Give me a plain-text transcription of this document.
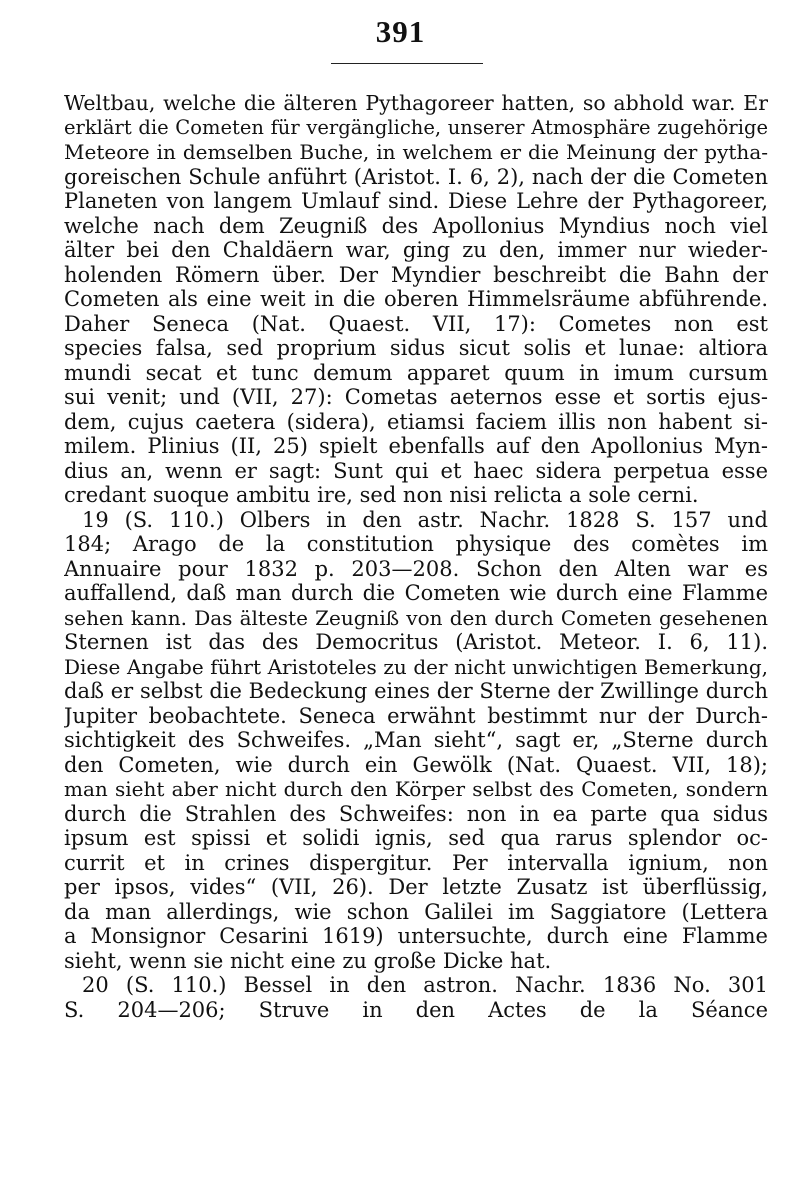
391
Weltbau, welche die älteren Pythagoreer hatten, so abhold war. Er
erklärt die Cometen für vergängliche, unserer Atmosphäre zugehörige
Meteore in demselben Buche, in welchem er die Meinung der pytha-
goreischen Schule anführt (Aristot. I. 6, 2), nach der die Cometen
Planeten von langem Umlauf sind. Diese Lehre der Pythagoreer,
welche nach dem Zeugniß des Apollonius Myndius noch viel
älter bei den Chaldäern war, ging zu den, immer nur wieder-
holenden Römern über. Der Myndier beschreibt die Bahn der
Cometen als eine weit in die oberen Himmelsräume abführende.
Daher Seneca (Nat. Quaest. VII, 17): Cometes non est
species falsa, sed proprium sidus sicut solis et lunae: altiora
mundi secat et tunc demum apparet quum in imum cursum
sui venit; und (VII, 27): Cometas aeternos esse et sortis ejus-
dem, cujus caetera (sidera), etiamsi faciem illis non habent si-
milem. Plinius (II, 25) spielt ebenfalls auf den Apollonius Myn-
dius an, wenn er sagt: Sunt qui et haec sidera perpetua esse
credant suoque ambitu ire, sed non nisi relicta a sole cerni.
19 (S. 110.) Olbers in den astr. Nachr. 1828 S. 157 und
184; Arago de la constitution physique des comètes im
Annuaire pour 1832 p. 203—208. Schon den Alten war es
auffallend, daß man durch die Cometen wie durch eine Flamme
sehen kann. Das älteste Zeugniß von den durch Cometen gesehenen
Sternen ist das des Democritus (Aristot. Meteor. I. 6, 11).
Diese Angabe führt Aristoteles zu der nicht unwichtigen Bemerkung,
daß er selbst die Bedeckung eines der Sterne der Zwillinge durch
Jupiter beobachtete. Seneca erwähnt bestimmt nur der Durch-
sichtigkeit des Schweifes. „Man sieht“, sagt er, „Sterne durch
den Cometen, wie durch ein Gewölk (Nat. Quaest. VII, 18);
man sieht aber nicht durch den Körper selbst des Cometen, sondern
durch die Strahlen des Schweifes: non in ea parte qua sidus
ipsum est spissi et solidi ignis, sed qua rarus splendor oc-
currit et in crines dispergitur. Per intervalla ignium, non
per ipsos, vides“ (VII, 26). Der letzte Zusatz ist überflüssig,
da man allerdings, wie schon Galilei im Saggiatore (Lettera
a Monsignor Cesarini 1619) untersuchte, durch eine Flamme
sieht, wenn sie nicht eine zu große Dicke hat.
20 (S. 110.) Bessel in den astron. Nachr. 1836 No. 301
S. 204—206; Struve in den Actes de la Séance
